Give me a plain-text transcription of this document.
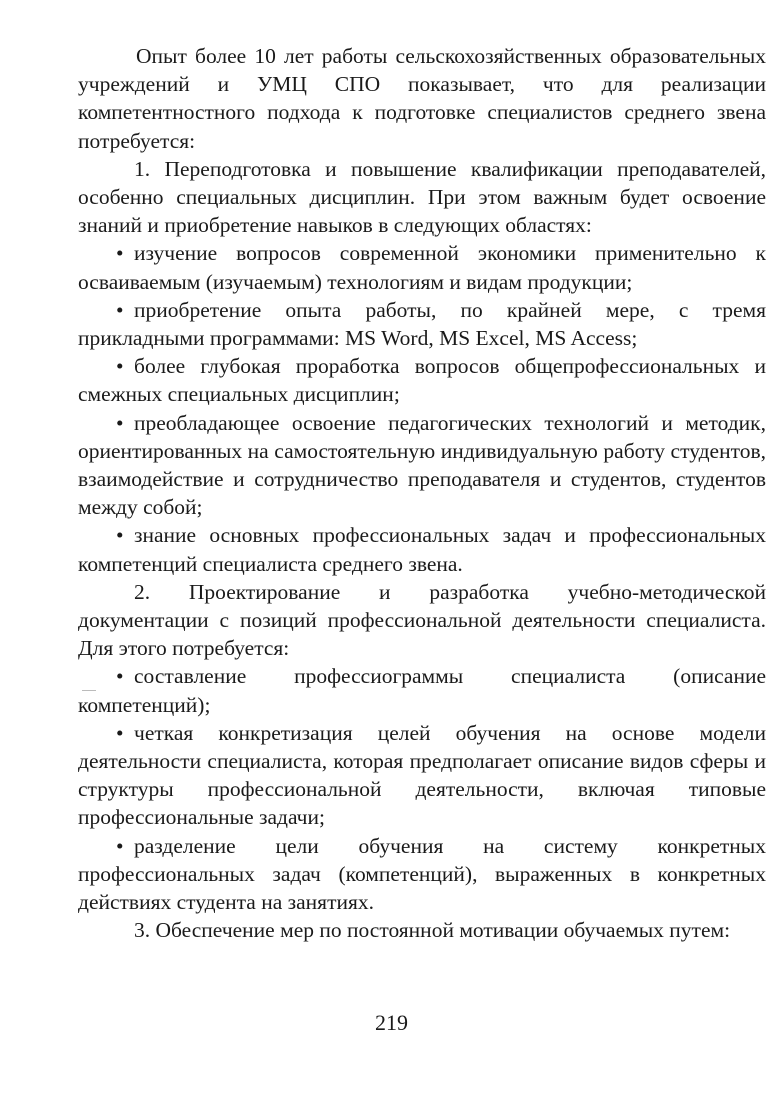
Опыт более 10 лет работы сельскохозяйственных образовательных учреждений и УМЦ СПО показывает, что для реализации компетентностного подхода к подготовке специалистов среднего звена потребуется:

1. Переподготовка и повышение квалификации преподавателей, особенно специальных дисциплин. При этом важным будет освоение знаний и приобретение навыков в следующих областях:

• изучение вопросов современной экономики применительно к осваиваемым (изучаемым) технологиям и видам продукции;

• приобретение опыта работы, по крайней мере, с тремя прикладными программами: MS Word, MS Excel, MS Access;

• более глубокая проработка вопросов общепрофессиональных и смежных специальных дисциплин;

• преобладающее освоение педагогических технологий и методик, ориентированных на самостоятельную индивидуальную работу студентов, взаимодействие и сотрудничество преподавателя и студентов, студентов между собой;

• знание основных профессиональных задач и профессиональных компетенций специалиста среднего звена.

2. Проектирование и разработка учебно-методической документации с позиций профессиональной деятельности специалиста. Для этого потребуется:

• составление профессиограммы специалиста (описание компетенций);

• четкая конкретизация целей обучения на основе модели деятельности специалиста, которая предполагает описание видов сферы и структуры профессиональной деятельности, включая типовые профессиональные задачи;

• разделение цели обучения на систему конкретных профессиональных задач (компетенций), выраженных в конкретных действиях студента на занятиях.

3. Обеспечение мер по постоянной мотивации обучаемых путем:

219
